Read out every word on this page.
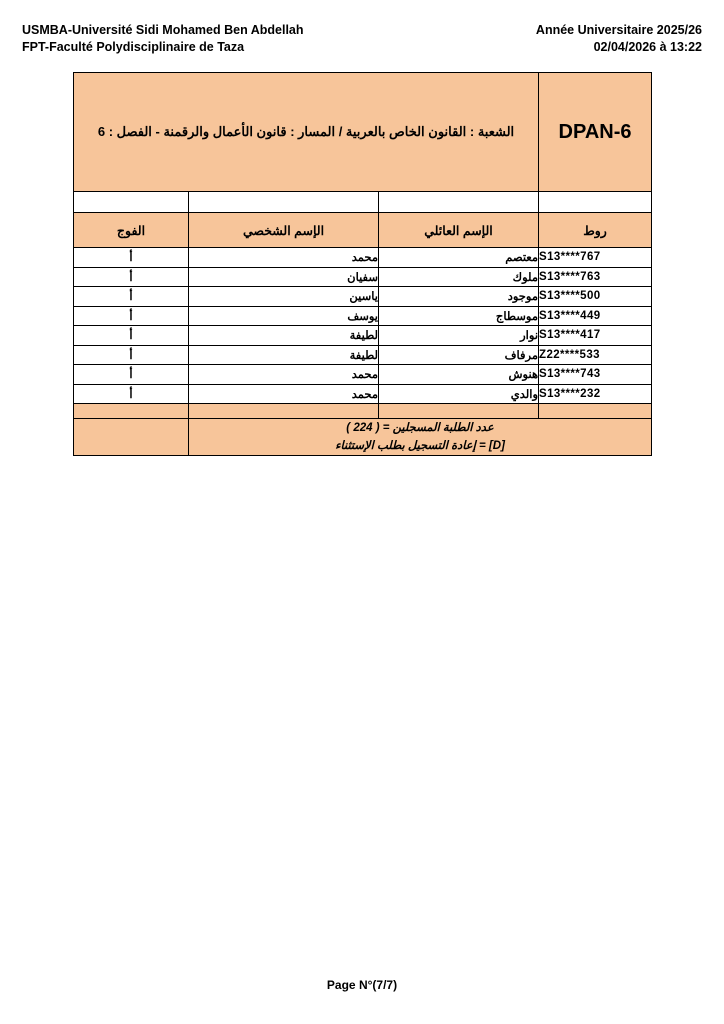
USMBA-Université Sidi Mohamed Ben Abdellah
FPT-Faculté Polydisciplinaire de Taza
Année Universitaire 2025/26
02/04/2026 à 13:22
الشعبة : القانون الخاص بالعربية / المسار : قانون الأعمال والرقمنة - الفصل : 6			DPAN-6

الفوج	الإسم الشخصي	الإسم العائلي	روط
أ	محمد	معتصم	S13****767
أ	سفيان	ملوك	S13****763
أ	ياسين	موجود	S13****500
أ	يوسف	موسطاج	S13****449
أ	لطيفة	نوار	S13****417
أ	لطيفة	مرفاف	Z22****533
أ	محمد	هنوش	S13****743
أ	محمد	والدي	S13****232

	عدد الطلبة المسجلين = ( 224 )
[D] = إعادة التسجيل بطلب الإستثناء		
Page N°(7/7)
